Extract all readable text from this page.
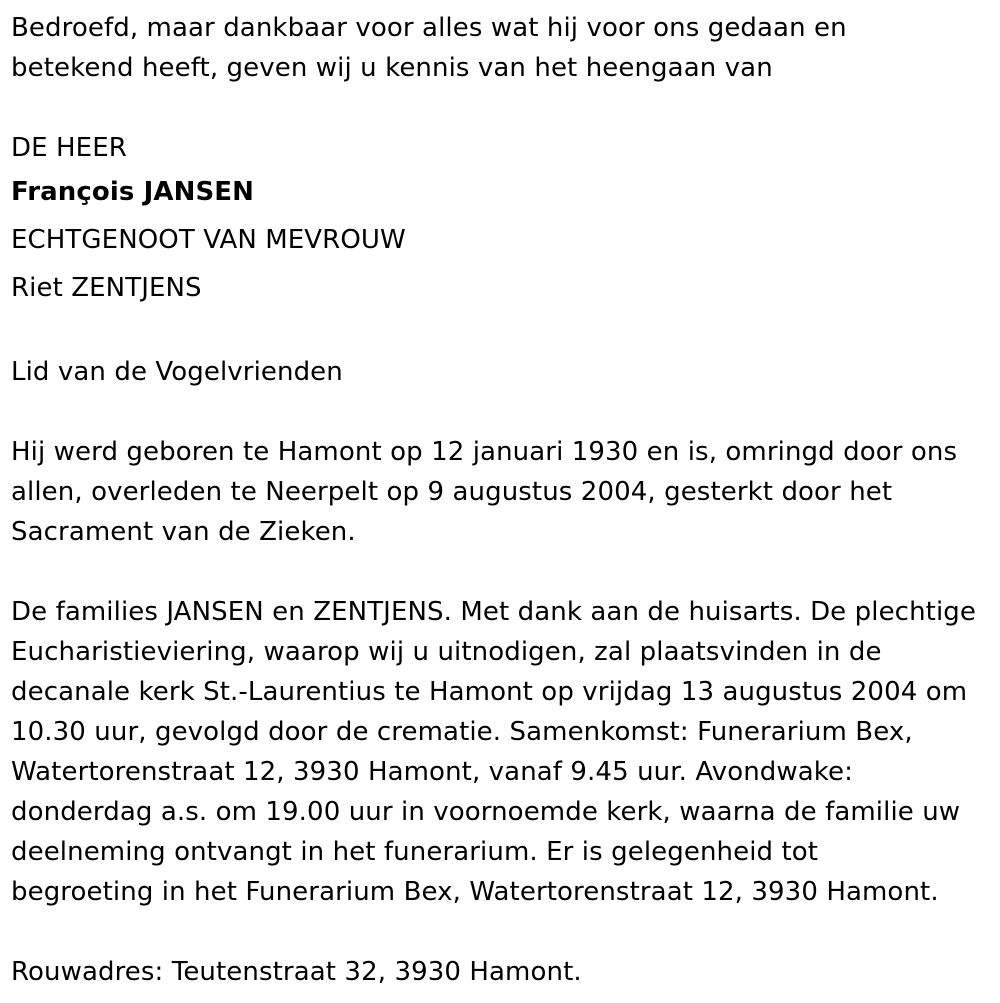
Bedroefd, maar dankbaar voor alles wat hij voor ons gedaan en
betekend heeft, geven wij u kennis van het heengaan van
DE HEER
François JANSEN
ECHTGENOOT VAN MEVROUW
Riet ZENTJENS
Lid van de Vogelvrienden
Hij werd geboren te Hamont op 12 januari 1930 en is, omringd door ons
allen, overleden te Neerpelt op 9 augustus 2004, gesterkt door het
Sacrament van de Zieken.
De families JANSEN en ZENTJENS. Met dank aan de huisarts. De plechtige
Eucharistieviering, waarop wij u uitnodigen, zal plaatsvinden in de
decanale kerk St.-Laurentius te Hamont op vrijdag 13 augustus 2004 om
10.30 uur, gevolgd door de crematie. Samenkomst: Funerarium Bex,
Watertorenstraat 12, 3930 Hamont, vanaf 9.45 uur. Avondwake:
donderdag a.s. om 19.00 uur in voornoemde kerk, waarna de familie uw
deelneming ontvangt in het funerarium. Er is gelegenheid tot
begroeting in het Funerarium Bex, Watertorenstraat 12, 3930 Hamont.
Rouwadres: Teutenstraat 32, 3930 Hamont.
